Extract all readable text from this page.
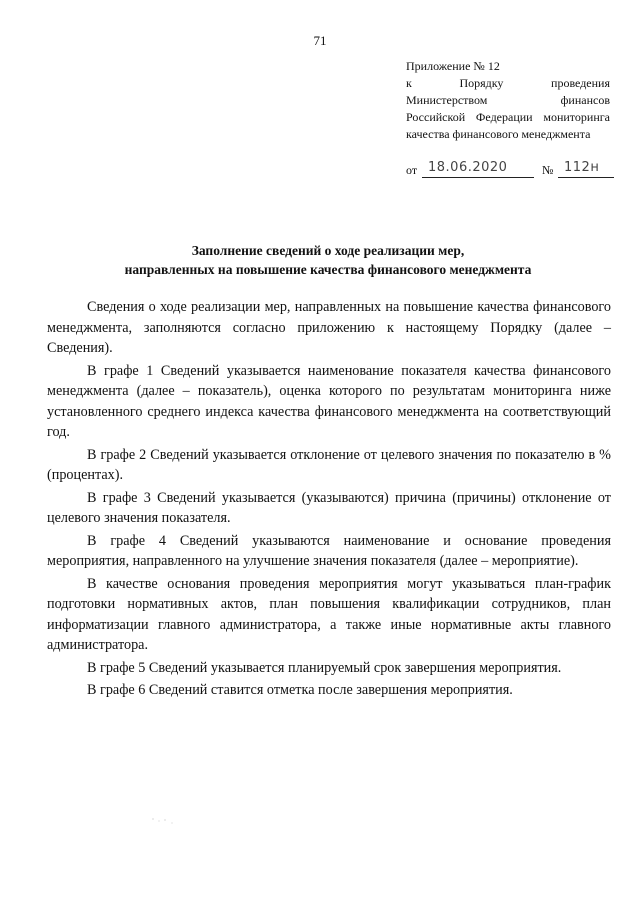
71
Приложение № 12
к Порядку проведения
Министерством финансов
Российской Федерации мониторинга
качества финансового менеджмента
от 18.06.2020	№ 112н
Заполнение сведений о ходе реализации мер,
направленных на повышение качества финансового менеджмента

Сведения о ходе реализации мер, направленных на повышение качества финансового менеджмента, заполняются согласно приложению к настоящему Порядку (далее – Сведения).

В графе 1 Сведений указывается наименование показателя качества финансового менеджмента (далее – показатель), оценка которого по результатам мониторинга ниже установленного среднего индекса качества финансового менеджмента на соответствующий год.

В графе 2 Сведений указывается отклонение от целевого значения по показателю в % (процентах).

В графе 3 Сведений указывается (указываются) причина (причины) отклонение от целевого значения показателя.

В графе 4 Сведений указываются наименование и основание проведения мероприятия, направленного на улучшение значения показателя (далее – мероприятие).

В качестве основания проведения мероприятия могут указываться план-график подготовки нормативных актов, план повышения квалификации сотрудников, план информатизации главного администратора, а также иные нормативные акты главного администратора.

В графе 5 Сведений указывается планируемый срок завершения мероприятия.

В графе 6 Сведений ставится отметка после завершения мероприятия.
